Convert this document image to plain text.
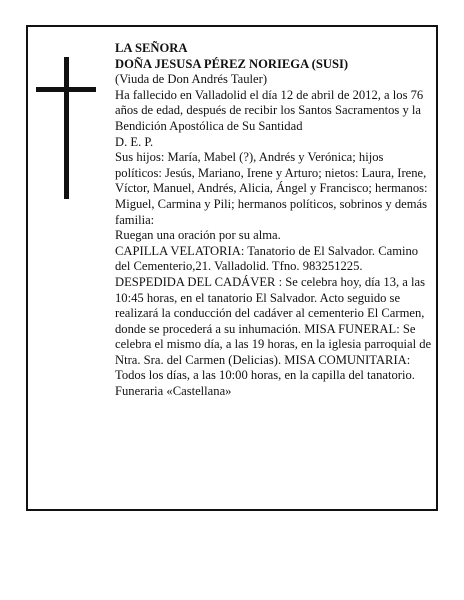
LA SEÑORA

DOÑA JESUSA PÉREZ NORIEGA (SUSI)

(Viuda de Don Andrés Tauler)

Ha fallecido en Valladolid el día 12 de abril de 2012, a los 76 años de edad, después de recibir los Santos Sacramentos y la Bendición Apostólica de Su Santidad

D. E. P.

Sus hijos: María, Mabel (?), Andrés y Verónica; hijos políticos: Jesús, Mariano, Irene y Arturo; nietos: Laura, Irene, Víctor, Manuel, Andrés, Alicia, Ángel y Francisco; hermanos: Miguel, Carmina y Pili; hermanos políticos, sobrinos y demás familia:

Ruegan una oración por su alma.

CAPILLA VELATORIA: Tanatorio de El Salvador. Camino del Cementerio,21. Valladolid. Tfno. 983251225.

DESPEDIDA DEL CADÁVER : Se celebra hoy, día 13, a las 10:45 horas, en el tanatorio El Salvador. Acto seguido se realizará la conducción del cadáver al cementerio El Carmen, donde se procederá a su inhumación. MISA FUNERAL: Se celebra el mismo día, a las 19 horas, en la iglesia parroquial de Ntra. Sra. del Carmen (Delicias). MISA COMUNITARIA: Todos los días, a las 10:00 horas, en la capilla del tanatorio.

Funeraria «Castellana»
